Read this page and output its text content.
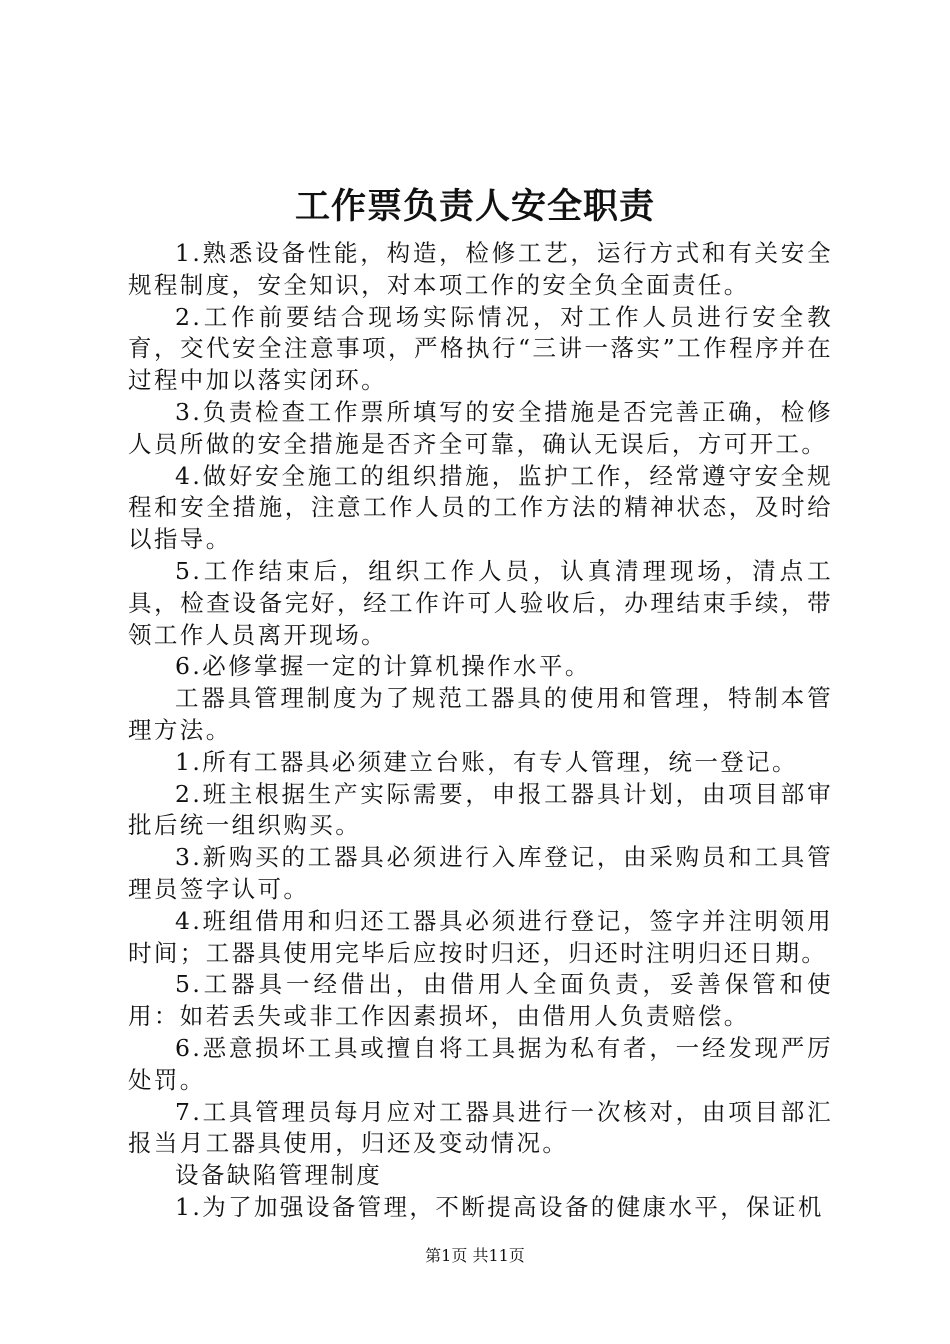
工作票负责人安全职责

1.熟悉设备性能，构造，检修工艺，运行方式和有关安全规程制度，安全知识，对本项工作的安全负全面责任。

2.工作前要结合现场实际情况，对工作人员进行安全教育，交代安全注意事项，严格执行“三讲一落实”工作程序并在过程中加以落实闭环。

3.负责检查工作票所填写的安全措施是否完善正确，检修人员所做的安全措施是否齐全可靠，确认无误后，方可开工。

4.做好安全施工的组织措施，监护工作，经常遵守安全规程和安全措施，注意工作人员的工作方法的精神状态，及时给以指导。

5.工作结束后，组织工作人员，认真清理现场，清点工具，检查设备完好，经工作许可人验收后，办理结束手续，带领工作人员离开现场。

6.必修掌握一定的计算机操作水平。

工器具管理制度为了规范工器具的使用和管理，特制本管理方法。

1.所有工器具必须建立台账，有专人管理，统一登记。

2.班主根据生产实际需要，申报工器具计划，由项目部审批后统一组织购买。

3.新购买的工器具必须进行入库登记，由采购员和工具管理员签字认可。

4.班组借用和归还工器具必须进行登记，签字并注明领用时间；工器具使用完毕后应按时归还，归还时注明归还日期。

5.工器具一经借出，由借用人全面负责，妥善保管和使用：如若丢失或非工作因素损坏，由借用人负责赔偿。

6.恶意损坏工具或擅自将工具据为私有者，一经发现严厉处罚。

7.工具管理员每月应对工器具进行一次核对，由项目部汇报当月工器具使用，归还及变动情况。

设备缺陷管理制度

1.为了加强设备管理，不断提高设备的健康水平，保证机

第1页 共11页
